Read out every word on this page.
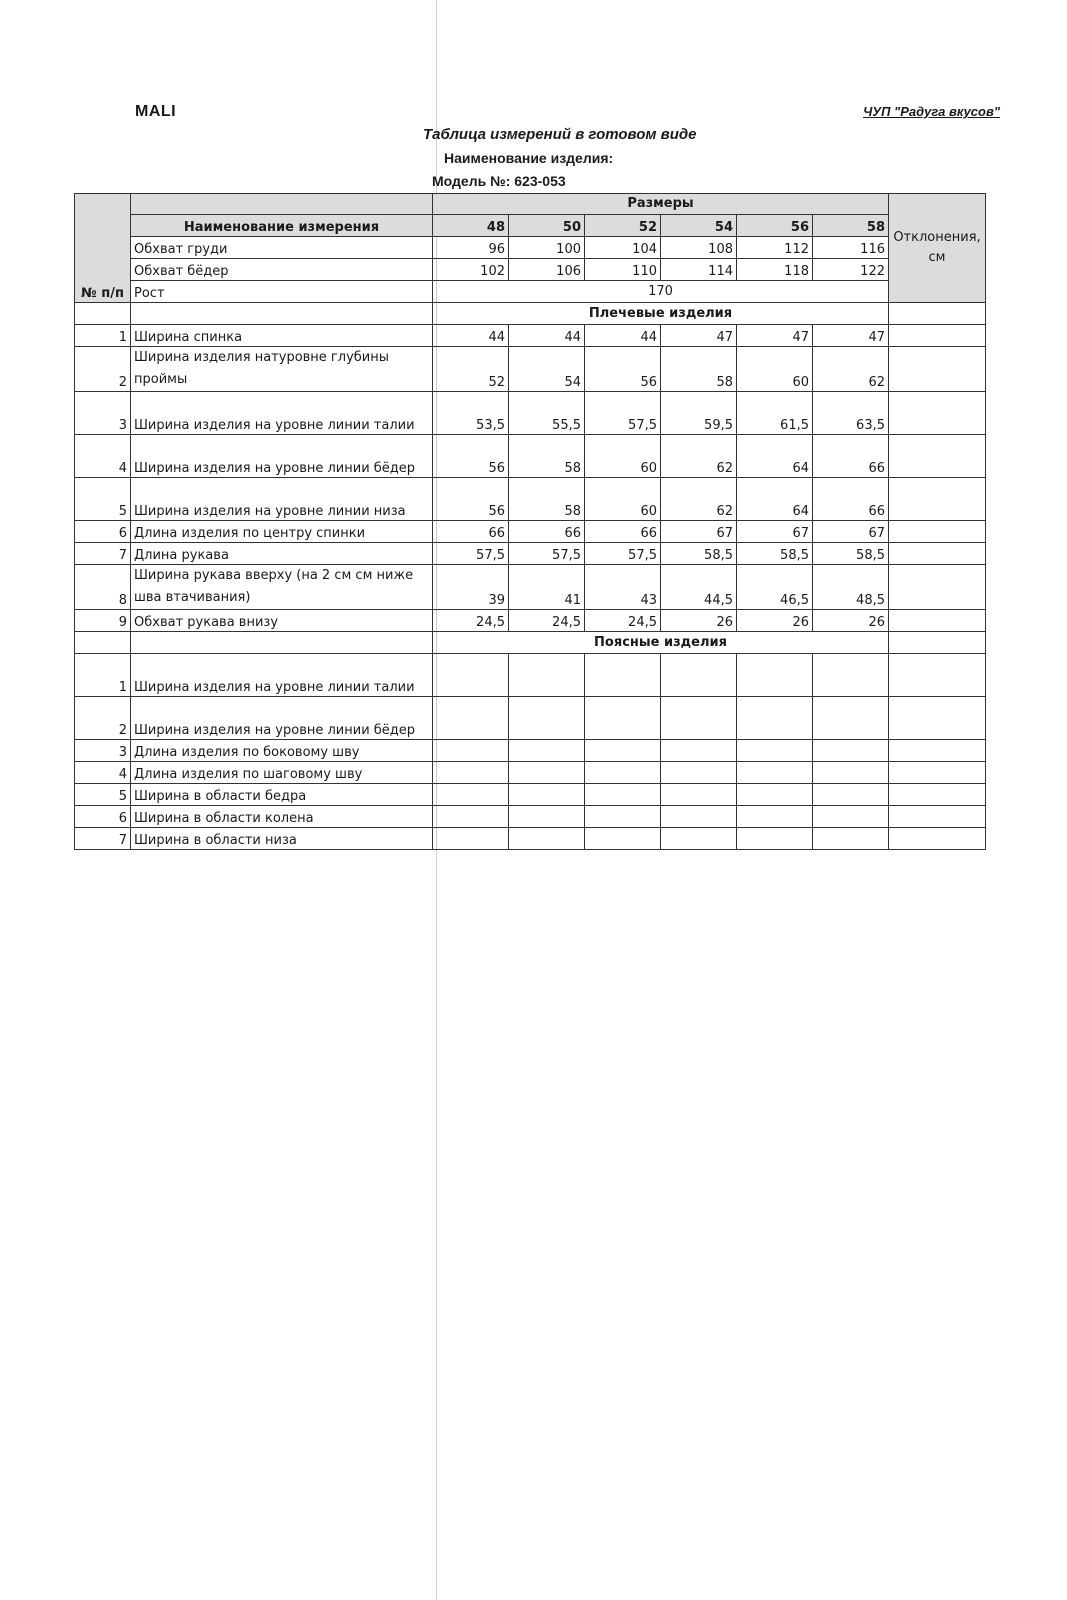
MALI	ЧУП "Радуга вкусов"
Таблица измерений в готовом виде
Наименование изделия:
Модель №: 623-053
№ п/п		Размеры						Отклонения, см
	Наименование измерения	48	50	52	54	56	58	
	Обхват груди	96	100	104	108	112	116	
	Обхват бёдер	102	106	110	114	118	122	
	Рост	170						
		Плечевые изделия						
1	Ширина спинка	44	44	44	47	47	47	
2	Ширина изделия натуровне глубины проймы	52	54	56	58	60	62	
3	Ширина изделия на уровне линии талии	53,5	55,5	57,5	59,5	61,5	63,5	
4	Ширина изделия на уровне линии бёдер	56	58	60	62	64	66	
5	Ширина изделия на уровне линии низа	56	58	60	62	64	66	
6	Длина изделия по центру спинки	66	66	66	67	67	67	
7	Длина рукава	57,5	57,5	57,5	58,5	58,5	58,5	
8	Ширина рукава вверху (на 2 см см ниже шва втачивания)	39	41	43	44,5	46,5	48,5	
9	Обхват рукава внизу	24,5	24,5	24,5	26	26	26	
		Поясные изделия						
1	Ширина изделия на уровне линии талии							
2	Ширина изделия на уровне линии бёдер							
3	Длина изделия по боковому шву							
4	Длина изделия по шаговому шву							
5	Ширина в области бедра							
6	Ширина в области колена							
7	Ширина в области низа							
